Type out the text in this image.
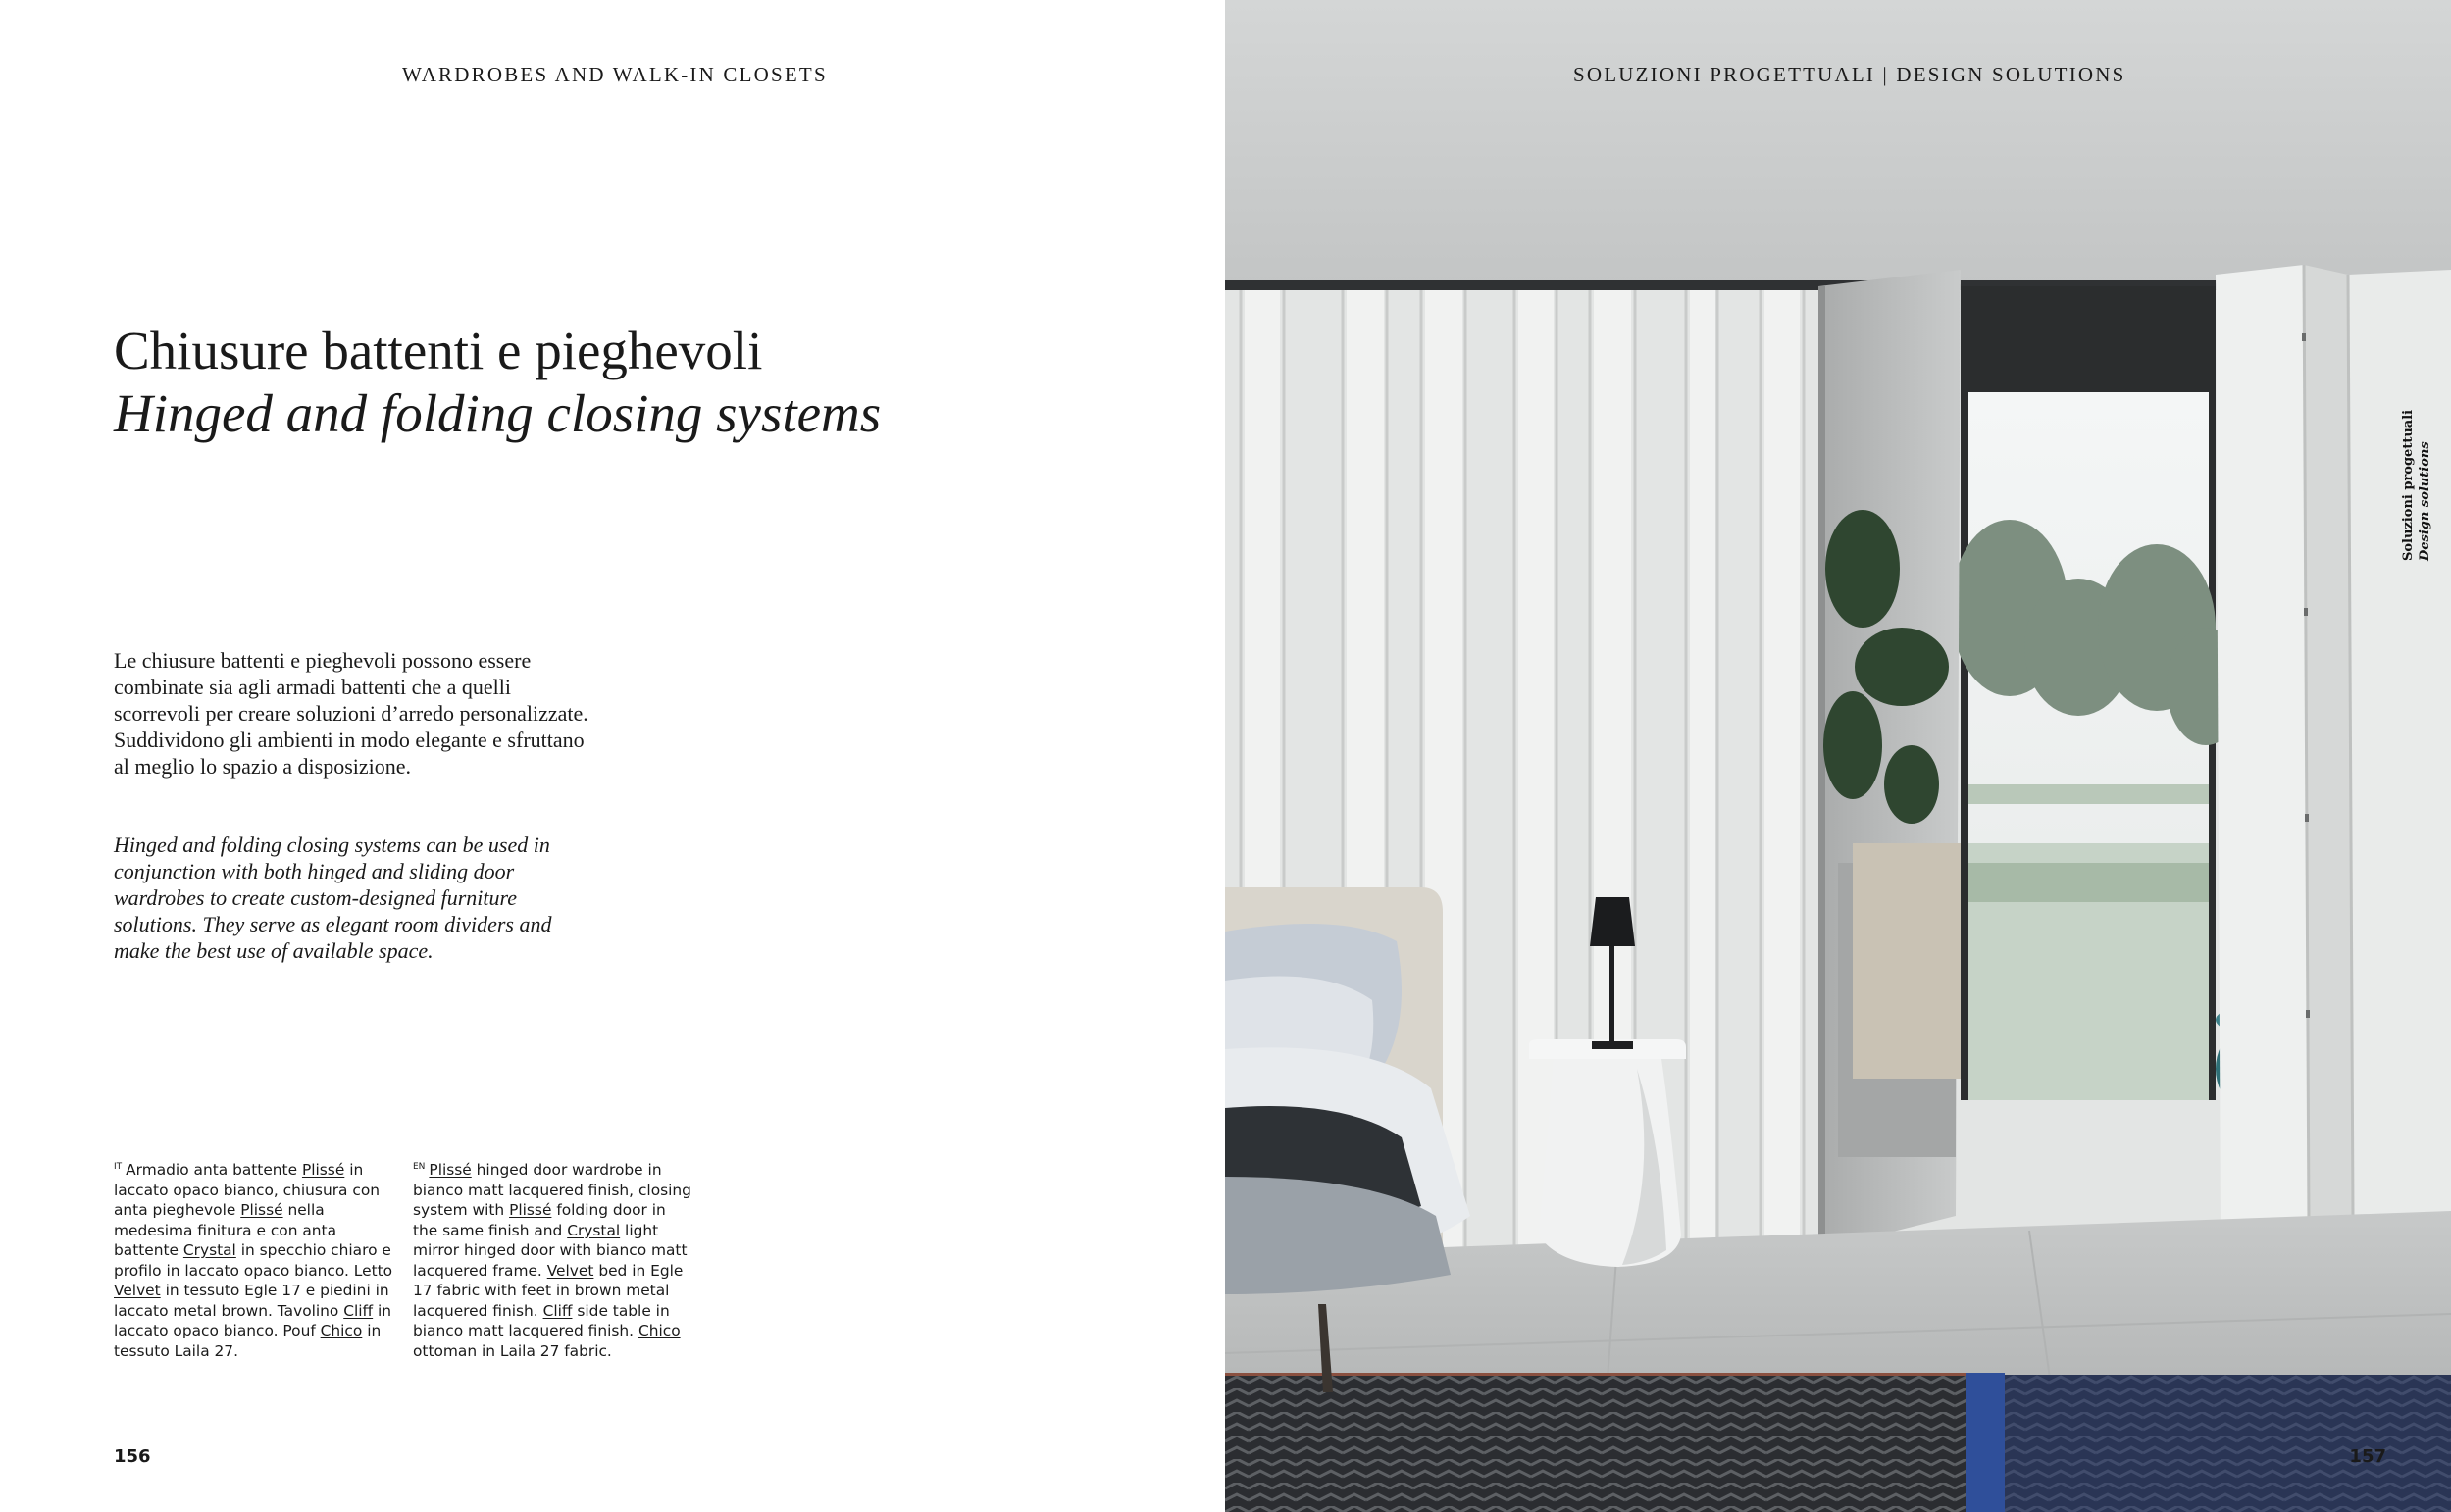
WARDROBES AND WALK-IN CLOSETS
Chiusure battenti e pieghevoli
Hinged and folding closing systems
Le chiusure battenti e pieghevoli possono essere combinate sia agli armadi battenti che a quelli scorrevoli per creare soluzioni d’arredo personalizzate. Suddividono gli ambienti in modo elegante e sfruttano al meglio lo spazio a disposizione.
Hinged and folding closing systems can be used in conjunction with both hinged and sliding door wardrobes to create custom-designed furniture solutions. They serve as elegant room dividers and make the best use of available space.
$^{IT}$ Armadio anta battente Plissé in laccato opaco bianco, chiusura con anta pieghevole Plissé nella medesima finitura e con anta battente Crystal in specchio chiaro e profilo in laccato opaco bianco. Letto Velvet in tessuto Egle 17 e piedini in laccato metal brown. Tavolino Cliff in laccato opaco bianco. Pouf Chico in tessuto Laila 27.
$^{EN}$ Plissé hinged door wardrobe in bianco matt lacquered finish, closing system with Plissé folding door in the same finish and Crystal light mirror hinged door with bianco matt lacquered frame. Velvet bed in Egle 17 fabric with feet in brown metal lacquered finish. Cliff side table in bianco matt lacquered finish. Chico ottoman in Laila 27 fabric.
156
SOLUZIONI PROGETTUALI | DESIGN SOLUTIONS
Soluzioni progettuali Design solutions
157
